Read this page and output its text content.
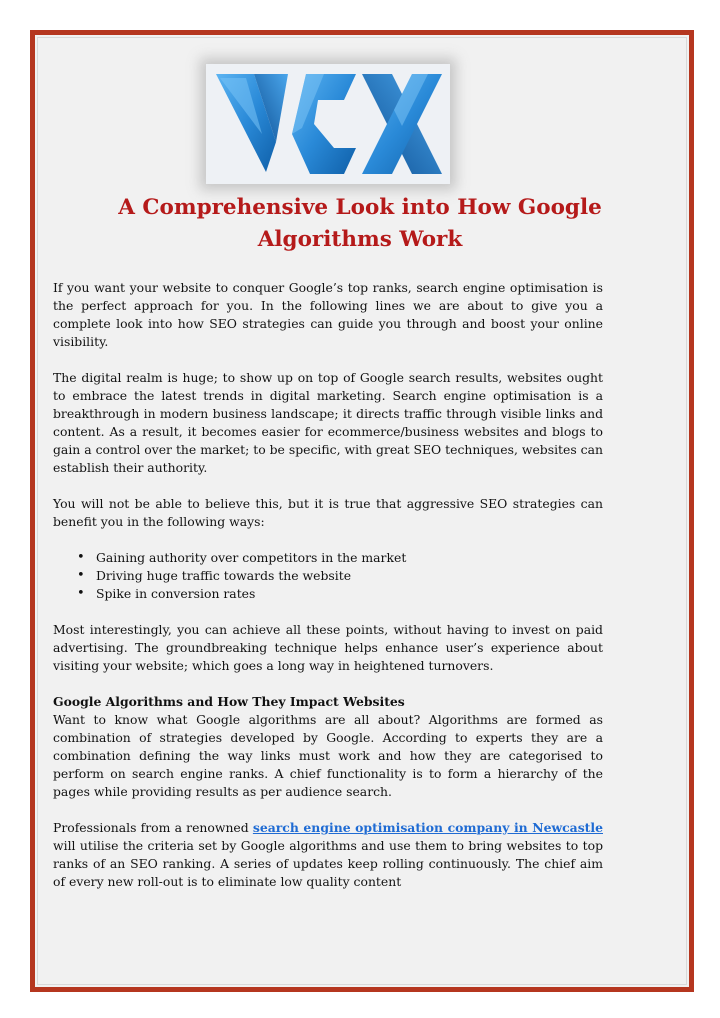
A Comprehensive Look into How Google
Algorithms Work

If you want your website to conquer Google’s top ranks, search engine optimisation is the perfect approach for you. In the following lines we are about to give you a complete look into how SEO strategies can guide you through and boost your online visibility.

The digital realm is huge; to show up on top of Google search results, websites ought to embrace the latest trends in digital marketing. Search engine optimisation is a breakthrough in modern business landscape; it directs traffic through visible links and content. As a result, it becomes easier for ecommerce/business websites and blogs to gain a control over the market; to be specific, with great SEO techniques, websites can establish their authority.

You will not be able to believe this, but it is true that aggressive SEO strategies can benefit you in the following ways:

• Gaining authority over competitors in the market
• Driving huge traffic towards the website
• Spike in conversion rates

Most interestingly, you can achieve all these points, without having to invest on paid advertising. The groundbreaking technique helps enhance user’s experience about visiting your website; which goes a long way in heightened turnovers.

Google Algorithms and How They Impact Websites

Want to know what Google algorithms are all about? Algorithms are formed as combination of strategies developed by Google. According to experts they are a combination defining the way links must work and how they are categorised to perform on search engine ranks. A chief functionality is to form a hierarchy of the pages while providing results as per audience search.

Professionals from a renowned search engine optimisation company in Newcastle will utilise the criteria set by Google algorithms and use them to bring websites to top ranks of an SEO ranking. A series of updates keep rolling continuously. The chief aim of every new roll-out is to eliminate low quality content
